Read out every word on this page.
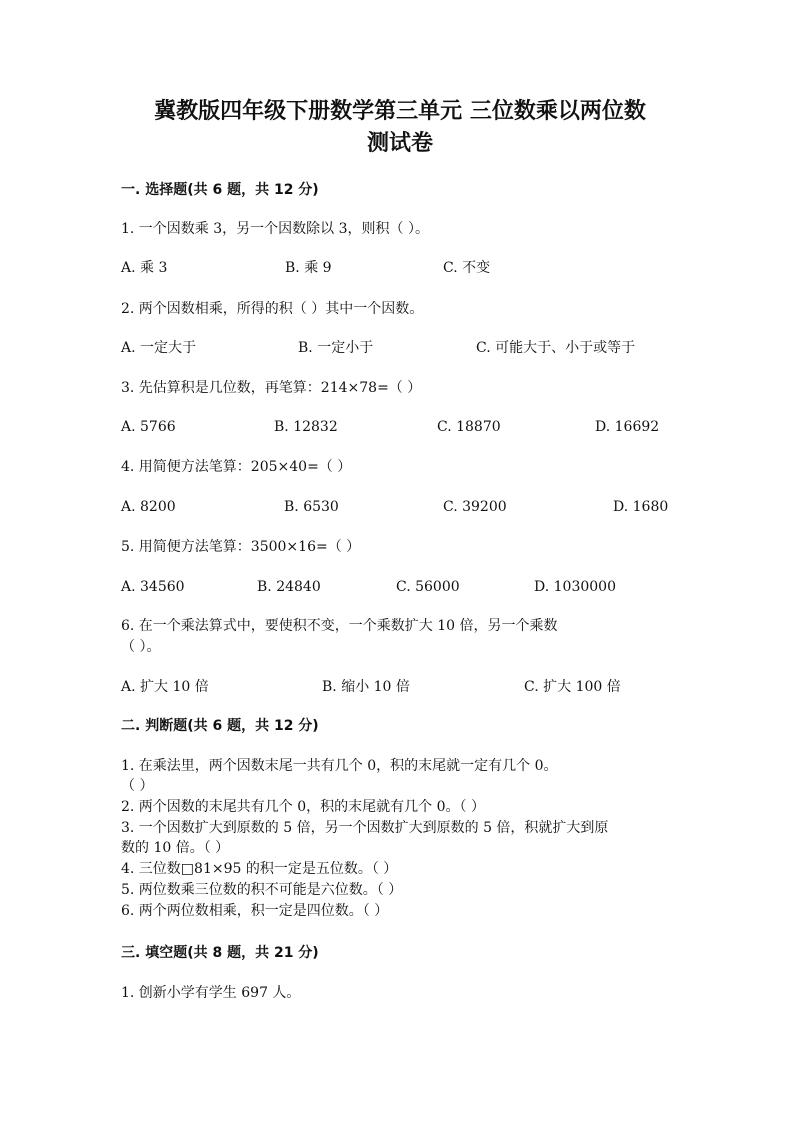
冀教版四年级下册数学第三单元 三位数乘以两位数
测试卷
一. 选择题(共 6 题，共 12 分)
1. 一个因数乘 3，另一个因数除以 3，则积（ ）。
A. 乘 3	B. 乘 9	C. 不变
2. 两个因数相乘，所得的积（ ）其中一个因数。
A. 一定大于	B. 一定小于	C. 可能大于、小于或等于
3. 先估算积是几位数，再笔算：214×78=（ ）
A. 5766	B. 12832	C. 18870	D. 16692
4. 用简便方法笔算：205×40=（ ）
A. 8200	B. 6530	C. 39200	D. 1680
5. 用简便方法笔算：3500×16=（ ）
A. 34560	B. 24840	C. 56000	D. 1030000
6. 在一个乘法算式中，要使积不变，一个乘数扩大 10 倍，另一个乘数
（ ）。
A. 扩大 10 倍	B. 缩小 10 倍	C. 扩大 100 倍
二. 判断题(共 6 题，共 12 分)
1. 在乘法里，两个因数末尾一共有几个 0，积的末尾就一定有几个 0。
（ ）
2. 两个因数的末尾共有几个 0，积的末尾就有几个 0。（ ）
3. 一个因数扩大到原数的 5 倍，另一个因数扩大到原数的 5 倍，积就扩大到原
数的 10 倍。（ ）
4. 三位数□81×95 的积一定是五位数。（ ）
5. 两位数乘三位数的积不可能是六位数。（ ）
6. 两个两位数相乘，积一定是四位数。（ ）
三. 填空题(共 8 题，共 21 分)
1. 创新小学有学生 697 人。
